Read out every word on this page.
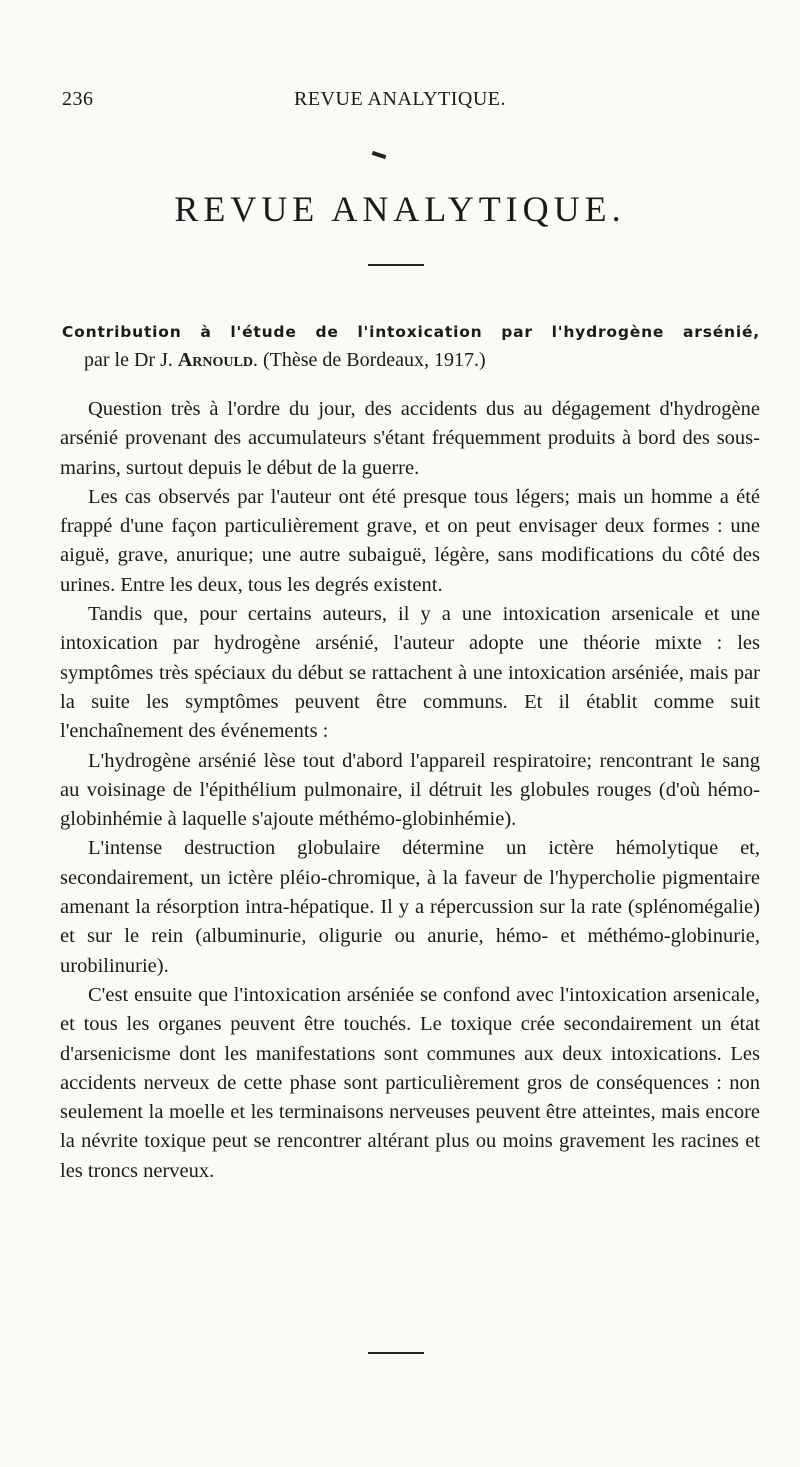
236	REVUE ANALYTIQUE.
REVUE ANALYTIQUE.
Contribution à l'étude de l'intoxication par l'hydrogène arsénié,
par le Dr J. Arnould. (Thèse de Bordeaux, 1917.)

Question très à l'ordre du jour, des accidents dus au dégagement d'hydrogène arsénié provenant des accumulateurs s'étant fréquemment produits à bord des sous-marins, surtout depuis le début de la guerre.

Les cas observés par l'auteur ont été presque tous légers; mais un homme a été frappé d'une façon particulièrement grave, et on peut envisager deux formes : une aiguë, grave, anurique; une autre subaiguë, légère, sans modifications du côté des urines. Entre les deux, tous les degrés existent.

Tandis que, pour certains auteurs, il y a une intoxication arsenicale et une intoxication par hydrogène arsénié, l'auteur adopte une théorie mixte : les symptômes très spéciaux du début se rattachent à une intoxication arséniée, mais par la suite les symptômes peuvent être communs. Et il établit comme suit l'enchaînement des événements :

L'hydrogène arsénié lèse tout d'abord l'appareil respiratoire; rencontrant le sang au voisinage de l'épithélium pulmonaire, il détruit les globules rouges (d'où hémo-globinhémie à laquelle s'ajoute méthémo-globinhémie).

L'intense destruction globulaire détermine un ictère hémolytique et, secondairement, un ictère pléio-chromique, à la faveur de l'hypercholie pigmentaire amenant la résorption intra-hépatique. Il y a répercussion sur la rate (splénomégalie) et sur le rein (albuminurie, oligurie ou anurie, hémo- et méthémo-globinurie, urobilinurie).

C'est ensuite que l'intoxication arséniée se confond avec l'intoxication arsenicale, et tous les organes peuvent être touchés. Le toxique crée secondairement un état d'arsenicisme dont les manifestations sont communes aux deux intoxications. Les accidents nerveux de cette phase sont particulièrement gros de conséquences : non seulement la moelle et les terminaisons nerveuses peuvent être atteintes, mais encore la névrite toxique peut se rencontrer altérant plus ou moins gravement les racines et les troncs nerveux.
